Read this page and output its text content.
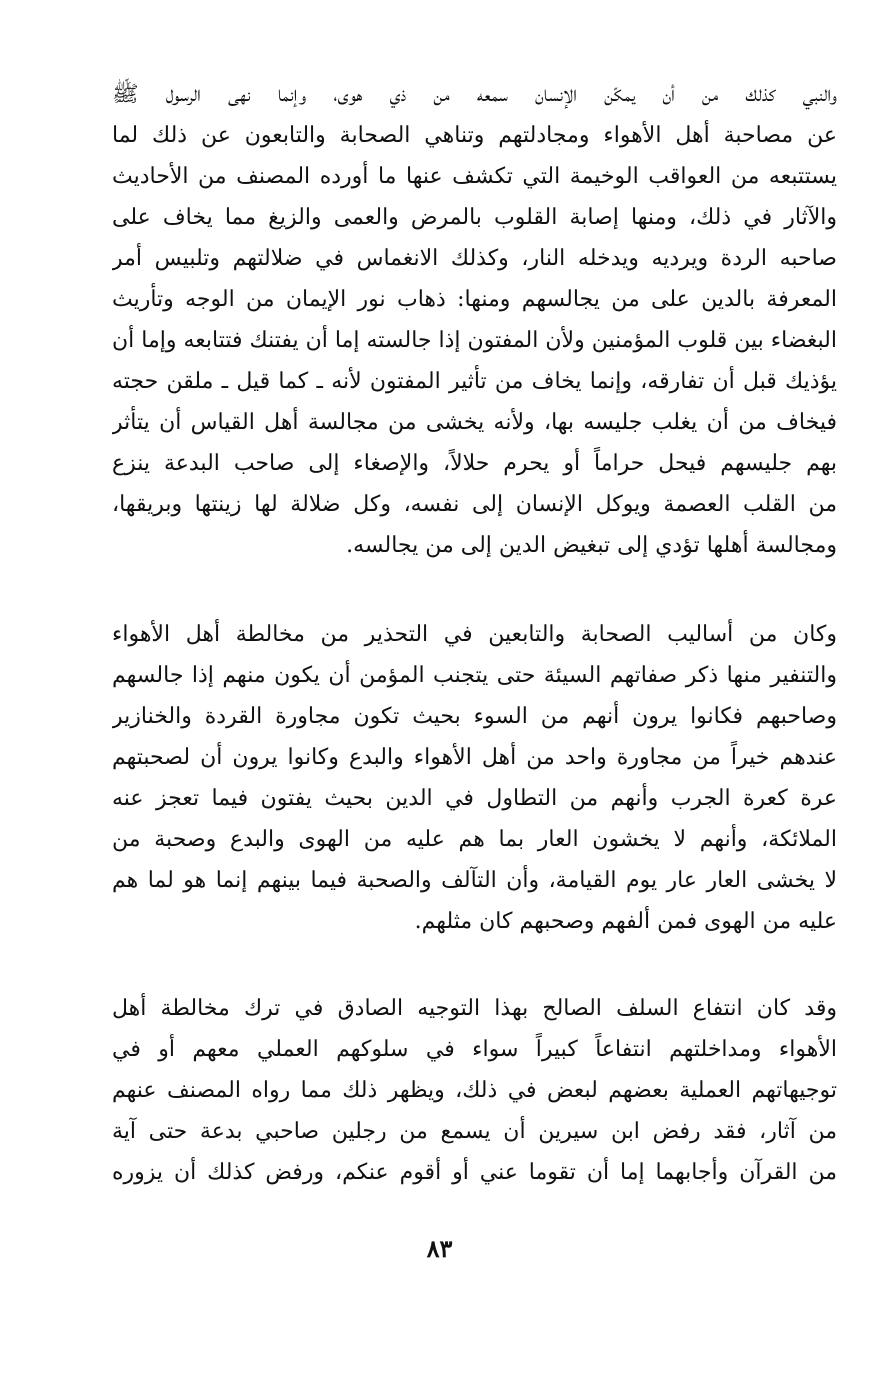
والنبي كذلك من أن يمكّن الإنسان سمعه من ذي هوى، وإنما نهى الرسول ﷺ
عن مصاحبة أهل الأهواء ومجادلتهم وتناهي الصحابة والتابعون عن ذلك لما
يستتبعه من العواقب الوخيمة التي تكشف عنها ما أورده المصنف من الأحاديث
والآثار في ذلك، ومنها إصابة القلوب بالمرض والعمى والزيغ مما يخاف على
صاحبه الردة ويرديه ويدخله النار، وكذلك الانغماس في ضلالتهم وتلبيس أمر
المعرفة بالدين على من يجالسهم ومنها: ذهاب نور الإيمان من الوجه وتأريث
البغضاء بين قلوب المؤمنين ولأن المفتون إذا جالسته إما أن يفتنك فتتابعه وإما أن
يؤذيك قبل أن تفارقه، وإنما يخاف من تأثير المفتون لأنه ـ كما قيل ـ ملقن حجته
فيخاف من أن يغلب جليسه بها، ولأنه يخشى من مجالسة أهل القياس أن يتأثر
بهم جليسهم فيحل حراماً أو يحرم حلالاً، والإصغاء إلى صاحب البدعة ينزع
من القلب العصمة ويوكل الإنسان إلى نفسه، وكل ضلالة لها زينتها وبريقها،
ومجالسة أهلها تؤدي إلى تبغيض الدين إلى من يجالسه.
وكان من أساليب الصحابة والتابعين في التحذير من مخالطة أهل الأهواء
والتنفير منها ذكر صفاتهم السيئة حتى يتجنب المؤمن أن يكون منهم إذا جالسهم
وصاحبهم فكانوا يرون أنهم من السوء بحيث تكون مجاورة القردة والخنازير
عندهم خيراً من مجاورة واحد من أهل الأهواء والبدع وكانوا يرون أن لصحبتهم
عرة كعرة الجرب وأنهم من التطاول في الدين بحيث يفتون فيما تعجز عنه
الملائكة، وأنهم لا يخشون العار بما هم عليه من الهوى والبدع وصحبة من
لا يخشى العار عار يوم القيامة، وأن التآلف والصحبة فيما بينهم إنما هو لما هم
عليه من الهوى فمن ألفهم وصحبهم كان مثلهم.
وقد كان انتفاع السلف الصالح بهذا التوجيه الصادق في ترك مخالطة أهل
الأهواء ومداخلتهم انتفاعاً كبيراً سواء في سلوكهم العملي معهم أو في
توجيهاتهم العملية بعضهم لبعض في ذلك، ويظهر ذلك مما رواه المصنف عنهم
من آثار، فقد رفض ابن سيرين أن يسمع من رجلين صاحبي بدعة حتى آية
من القرآن وأجابهما إما أن تقوما عني أو أقوم عنكم، ورفض كذلك أن يزوره
٨٣
